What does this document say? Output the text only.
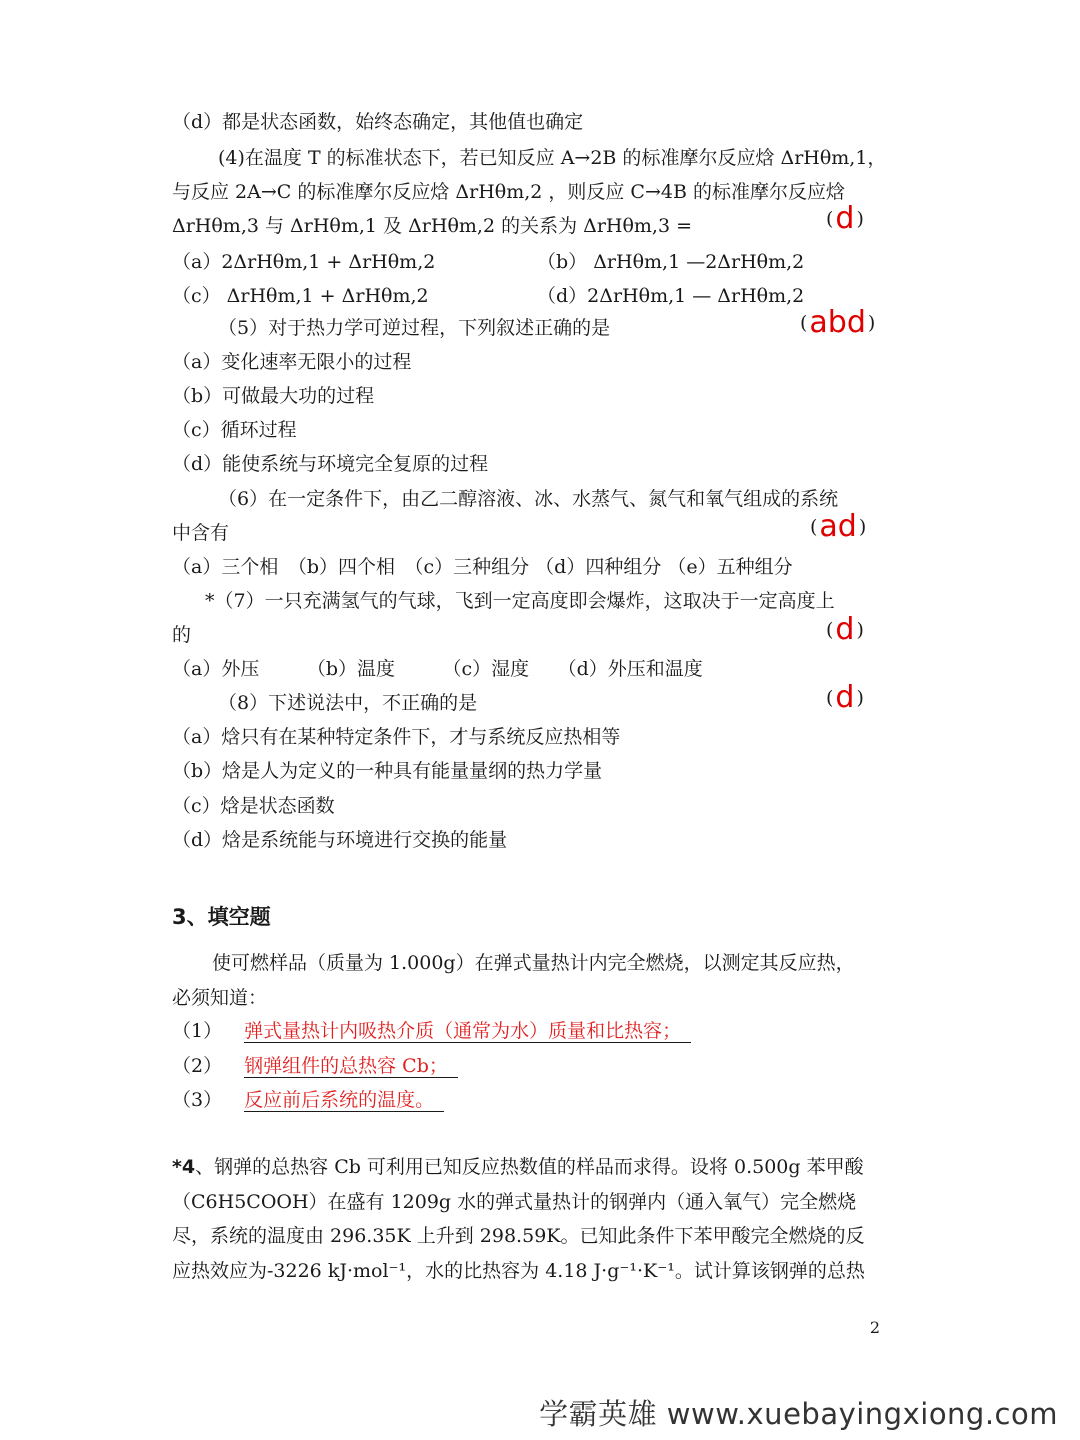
（d）都是状态函数，始终态确定，其他值也确定
(4)在温度 T 的标准状态下，若已知反应 A→2B 的标准摩尔反应焓 ΔrHθm,1，
与反应 2A→C 的标准摩尔反应焓 ΔrHθm,2 ，则反应 C→4B 的标准摩尔反应焓
ΔrHθm,3 与 ΔrHθm,1 及 ΔrHθm,2 的关系为 ΔrHθm,3 =	(d )
（a）2ΔrHθm,1 + ΔrHθm,2	（b） ΔrHθm,1 —2ΔrHθm,2
（c） ΔrHθm,1 + ΔrHθm,2	（d）2ΔrHθm,1 — ΔrHθm,2
（5）对于热力学可逆过程，下列叙述正确的是	(abd )
（a）变化速率无限小的过程
（b）可做最大功的过程
（c）循环过程
（d）能使系统与环境完全复原的过程
（6）在一定条件下，由乙二醇溶液、冰、水蒸气、氮气和氧气组成的系统
中含有	(ad )
（a）三个相　（b）四个相　（c）三种组分 （d）四种组分 （e）五种组分
*（7）一只充满氢气的气球，飞到一定高度即会爆炸，这取决于一定高度上
的	(d )
（a）外压　　　（b）温度　　　（c）湿度　　（d）外压和温度
（8）下述说法中，不正确的是	(d )
（a）焓只有在某种特定条件下，才与系统反应热相等
（b）焓是人为定义的一种具有能量量纲的热力学量
（c）焓是状态函数
（d）焓是系统能与环境进行交换的能量
3、填空题
使可燃样品（质量为 1.000g）在弹式量热计内完全燃烧，以测定其反应热，
必须知道：
（1） 弹式量热计内吸热介质（通常为水）质量和比热容；
（2） 钢弹组件的总热容 Cb；
（3） 反应前后系统的温度。
*4、钢弹的总热容 Cb 可利用已知反应热数值的样品而求得。设将 0.500g 苯甲酸
（C6H5COOH）在盛有 1209g 水的弹式量热计的钢弹内（通入氧气）完全燃烧
尽，系统的温度由 296.35K 上升到 298.59K。已知此条件下苯甲酸完全燃烧的反
应热效应为-3226 kJ·mol⁻¹，水的比热容为 4.18 J·g⁻¹·K⁻¹。试计算该钢弹的总热
2
学霸英雄 www.xuebayingxiong.com
